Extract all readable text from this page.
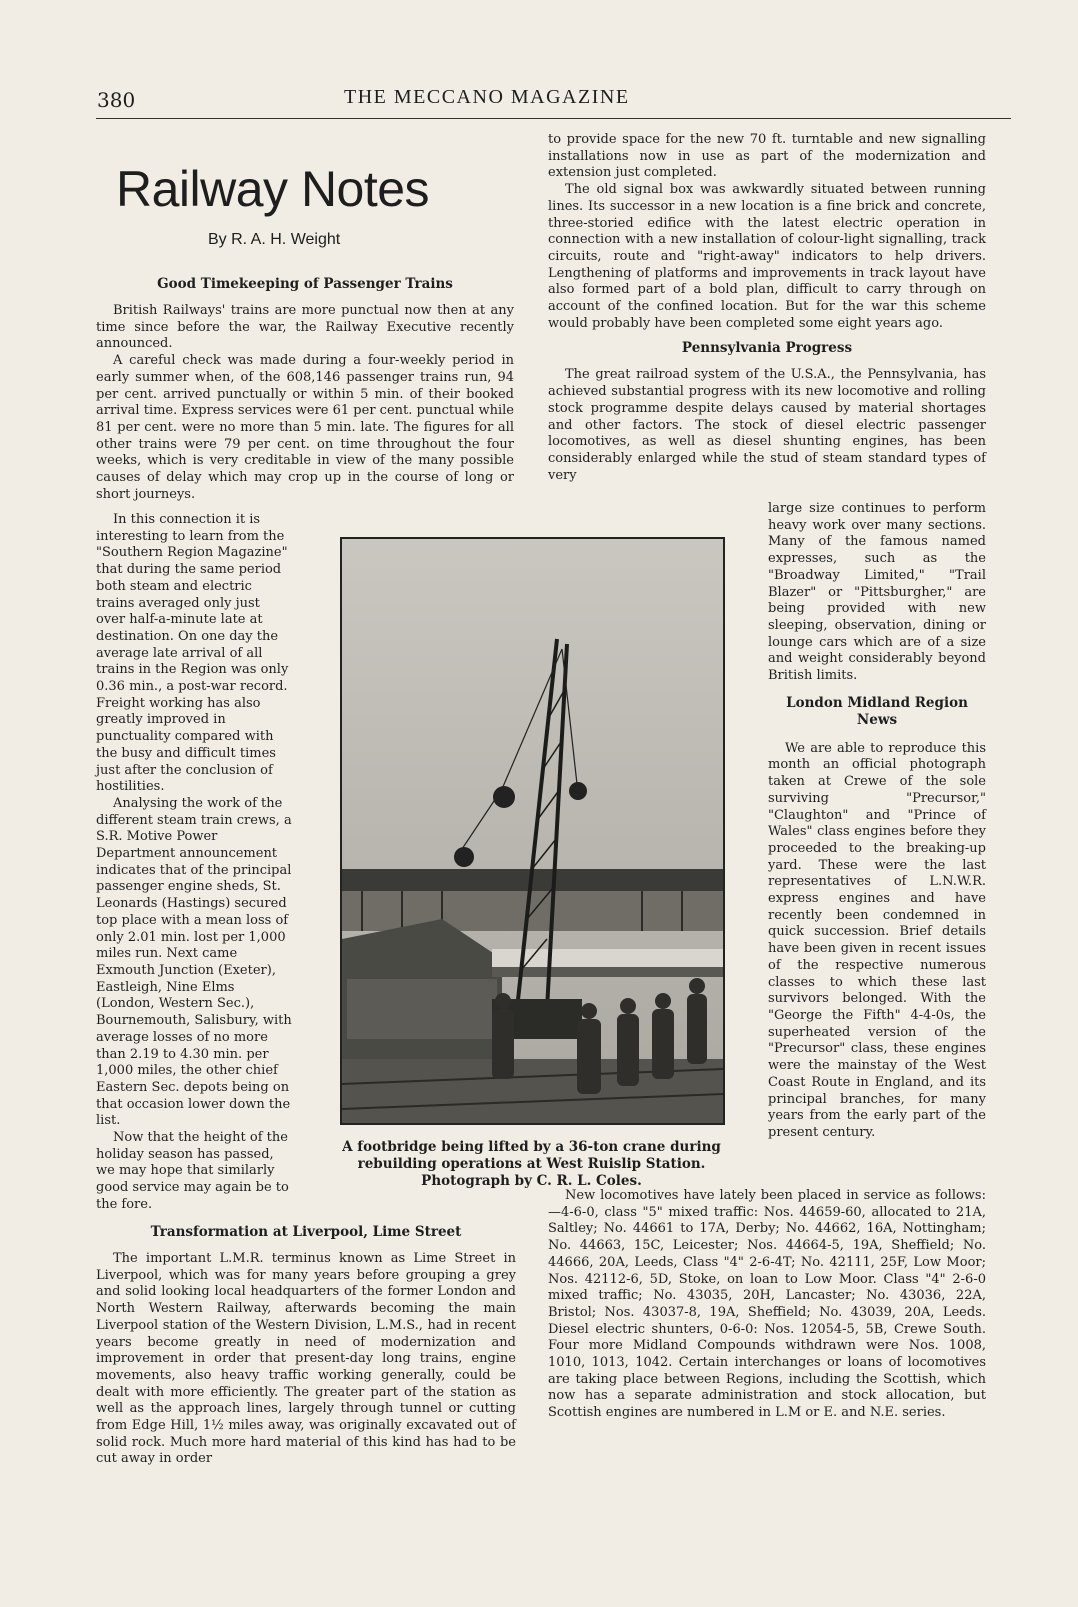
380	THE MECCANO MAGAZINE
Railway Notes
By R. A. H. Weight
Good Timekeeping of Passenger Trains

British Railways' trains are more punctual now then at any time since before the war, the Railway Executive recently announced.

A careful check was made during a four-weekly period in early summer when, of the 608,146 passenger trains run, 94 per cent. arrived punctually or within 5 min. of their booked arrival time. Express services were 61 per cent. punctual while 81 per cent. were no more than 5 min. late. The figures for all other trains were 79 per cent. on time throughout the four weeks, which is very creditable in view of the many possible causes of delay which may crop up in the course of long or short journeys.

In this connection it is interesting to learn from the "Southern Region Magazine" that during the same period both steam and electric trains averaged only just over half-a-minute late at destination. On one day the average late arrival of all trains in the Region was only 0.36 min., a post-war record. Freight working has also greatly improved in punctuality compared with the busy and difficult times just after the conclusion of hostilities.

Analysing the work of the different steam train crews, a S.R. Motive Power Department announcement indicates that of the principal passenger engine sheds, St. Leonards (Hastings) secured top place with a mean loss of only 2.01 min. lost per 1,000 miles run. Next came Exmouth Junction (Exeter), Eastleigh, Nine Elms (London, Western Sec.), Bournemouth, Salisbury, with average losses of no more than 2.19 to 4.30 min. per 1,000 miles, the other chief Eastern Sec. depots being on that occasion lower down the list.

Now that the height of the holiday season has passed, we may hope that similarly good service may again be to the fore.

Transformation at Liverpool, Lime Street

The important L.M.R. terminus known as Lime Street in Liverpool, which was for many years before grouping a grey and solid looking local headquarters of the former London and North Western Railway, afterwards becoming the main Liverpool station of the Western Division, L.M.S., had in recent years become greatly in need of modernization and improvement in order that present-day long trains, engine movements, also heavy traffic working generally, could be dealt with more efficiently. The greater part of the station as well as the approach lines, largely through tunnel or cutting from Edge Hill, 1½ miles away, was originally excavated out of solid rock. Much more hard material of this kind has had to be cut away in order

to provide space for the new 70 ft. turntable and new signalling installations now in use as part of the modernization and extension just completed.

The old signal box was awkwardly situated between running lines. Its successor in a new location is a fine brick and concrete, three-storied edifice with the latest electric operation in connection with a new installation of colour-light signalling, track circuits, route and "right-away" indicators to help drivers. Lengthening of platforms and improvements in track layout have also formed part of a bold plan, difficult to carry through on account of the confined location. But for the war this scheme would probably have been completed some eight years ago.

Pennsylvania Progress

The great railroad system of the U.S.A., the Pennsylvania, has achieved substantial progress with its new locomotive and rolling stock programme despite delays caused by material shortages and other factors. The stock of diesel electric passenger locomotives, as well as diesel shunting engines, has been considerably enlarged while the stud of steam standard types of very

large size continues to perform heavy work over many sections. Many of the famous named expresses, such as the "Broadway Limited," "Trail Blazer" or "Pittsburgher," are being provided with new sleeping, observation, dining or lounge cars which are of a size and weight considerably beyond British limits.

London Midland Region News

We are able to reproduce this month an official photograph taken at Crewe of the sole surviving "Precursor," "Claughton" and "Prince of Wales" class engines before they proceeded to the breaking-up yard. These were the last representatives of L.N.W.R. express engines and have recently been condemned in quick succession. Brief details have been given in recent issues of the respective numerous classes to which these last survivors belonged. With the "George the Fifth" 4-4-0s, the superheated version of the "Precursor" class, these engines were the mainstay of the West Coast Route in England, and its principal branches, for many years from the early part of the present century.

New locomotives have lately been placed in service as follows:—4-6-0, class "5" mixed traffic: Nos. 44659-60, allocated to 21A, Saltley; No. 44661 to 17A, Derby; No. 44662, 16A, Nottingham; No. 44663, 15C, Leicester; Nos. 44664-5, 19A, Sheffield; No. 44666, 20A, Leeds, Class "4" 2-6-4T; No. 42111, 25F, Low Moor; Nos. 42112-6, 5D, Stoke, on loan to Low Moor. Class "4" 2-6-0 mixed traffic; No. 43035, 20H, Lancaster; No. 43036, 22A, Bristol; Nos. 43037-8, 19A, Sheffield; No. 43039, 20A, Leeds. Diesel electric shunters, 0-6-0: Nos. 12054-5, 5B, Crewe South. Four more Midland Compounds withdrawn were Nos. 1008, 1010, 1013, 1042. Certain interchanges or loans of locomotives are taking place between Regions, including the Scottish, which now has a separate administration and stock allocation, but Scottish engines are numbered in L.M or E. and N.E. series.

A footbridge being lifted by a 36-ton crane during rebuilding operations at West Ruislip Station. Photograph by C. R. L. Coles.
